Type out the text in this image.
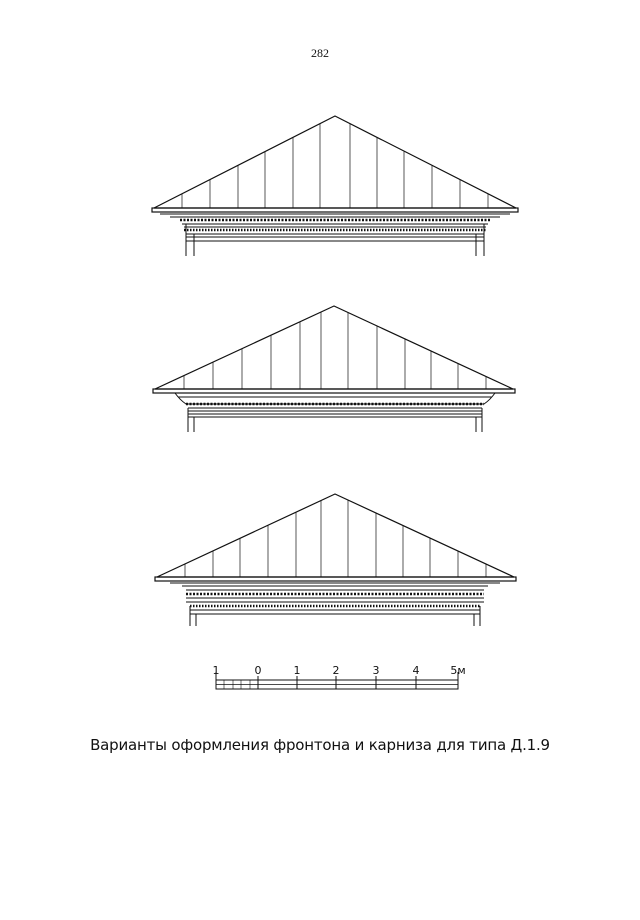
282
1	0	1	2	3	4	5м
Варианты оформления фронтона и карниза для типа Д.1.9
